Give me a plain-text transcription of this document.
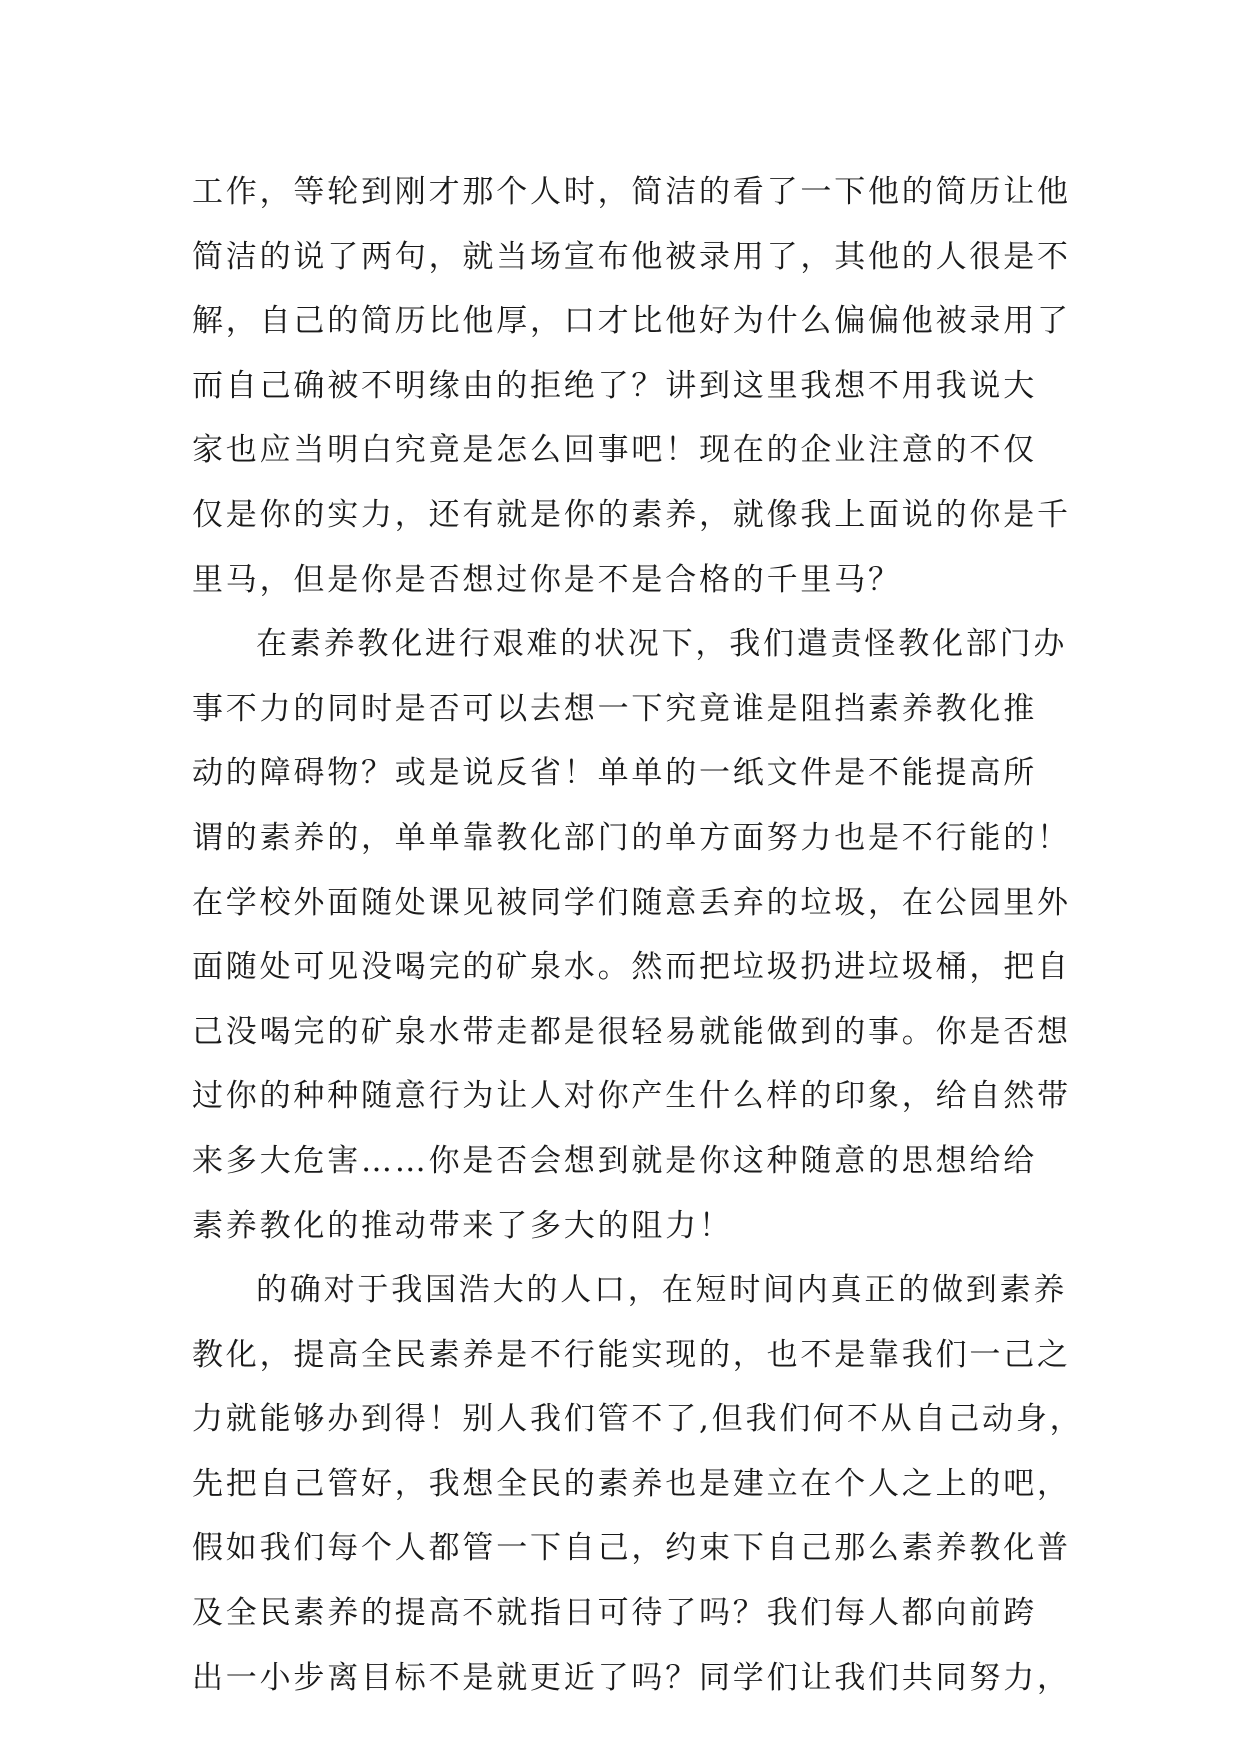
工作，等轮到刚才那个人时，简洁的看了一下他的简历让他
简洁的说了两句，就当场宣布他被录用了，其他的人很是不
解，自己的简历比他厚，口才比他好为什么偏偏他被录用了
而自己确被不明缘由的拒绝了？讲到这里我想不用我说大
家也应当明白究竟是怎么回事吧！现在的企业注意的不仅
仅是你的实力，还有就是你的素养，就像我上面说的你是千
里马，但是你是否想过你是不是合格的千里马？
在素养教化进行艰难的状况下，我们遣责怪教化部门办
事不力的同时是否可以去想一下究竟谁是阻挡素养教化推
动的障碍物？或是说反省！单单的一纸文件是不能提高所
谓的素养的，单单靠教化部门的单方面努力也是不行能的！
在学校外面随处课见被同学们随意丢弃的垃圾，在公园里外
面随处可见没喝完的矿泉水。然而把垃圾扔进垃圾桶，把自
己没喝完的矿泉水带走都是很轻易就能做到的事。你是否想
过你的种种随意行为让人对你产生什么样的印象，给自然带
来多大危害……你是否会想到就是你这种随意的思想给给
素养教化的推动带来了多大的阻力！
的确对于我国浩大的人口，在短时间内真正的做到素养
教化，提高全民素养是不行能实现的，也不是靠我们一己之
力就能够办到得！别人我们管不了,但我们何不从自己动身，
先把自己管好，我想全民的素养也是建立在个人之上的吧，
假如我们每个人都管一下自己，约束下自己那么素养教化普
及全民素养的提高不就指日可待了吗？我们每人都向前跨
出一小步离目标不是就更近了吗？同学们让我们共同努力，
